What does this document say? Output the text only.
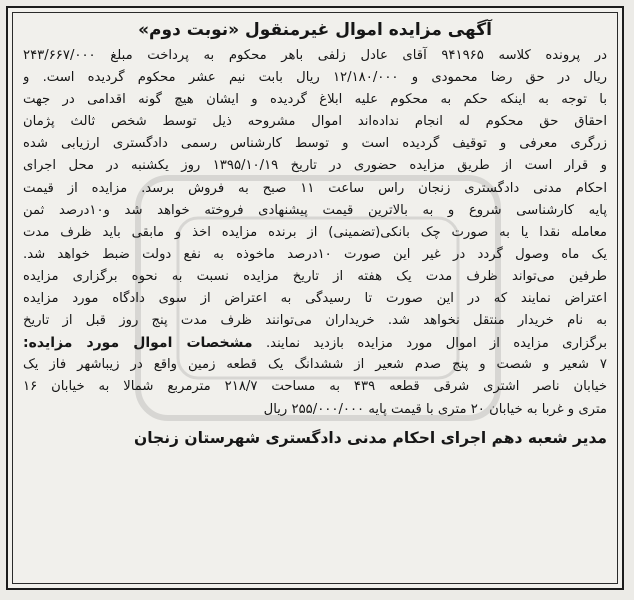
آگهی مزایده اموال غیرمنقول «نوبت دوم»
در پرونده کلاسه ۹۴۱۹۶۵ آقای عادل زلفی باهر محکوم به پرداخت مبلغ ۲۴۳/۶۶۷/۰۰۰
ریال در حق رضا محمودی و ۱۲/۱۸۰/۰۰۰ ریال بابت نیم عشر محکوم گردیده است. و
با توجه به اینکه حکم به محکوم علیه ابلاغ گردیده و ایشان هیچ گونه اقدامی در جهت
احقاق حق محکوم له انجام نداده‌اند اموال مشروحه ذیل توسط شخص ثالث پژمان
زرگری معرفی و توقیف گردیده است و توسط کارشناس رسمی دادگستری ارزیابی شده
و قرار است از طریق مزایده حضوری در تاریخ ۱۳۹۵/۱۰/۱۹ روز یکشنبه در محل اجرای
احکام مدنی دادگستری زنجان راس ساعت ۱۱ صبح به فروش برسد. مزایده از قیمت
پایه کارشناسی شروع و به بالاترین قیمت پیشنهادی فروخته خواهد شد و۱۰درصد ثمن
معامله نقدا یا به صورت چک بانکی(تضمینی) از برنده مزایده اخذ و مابقی باید ظرف مدت
یک ماه وصول گردد در غیر این صورت ۱۰درصد ماخوذه به نفع دولت ضبط خواهد شد.
طرفین می‌تواند ظرف مدت یک هفته از تاریخ مزایده نسبت به نحوه برگزاری مزایده
اعتراض نمایند که در این صورت تا رسیدگی به اعتراض از سوی دادگاه مورد مزایده
به نام خریدار منتقل نخواهد شد. خریداران می‌توانند ظرف مدت پنج روز قبل از تاریخ
برگزاری مزایده از اموال مورد مزایده بازدید نمایند. مشخصات اموال مورد مزایده:
۷ شعیر و شصت و پنج صدم شعیر از ششدانگ یک قطعه زمین واقع در زیباشهر فاز یک
خیابان ناصر اشتری شرقی قطعه ۴۳۹ به مساحت ۲۱۸/۷ مترمربع شمالا به خیابان ۱۶
متری و غربا به خیابان ۲۰ متری با قیمت پایه ۲۵۵/۰۰۰/۰۰۰ ریال
مدیر شعبه دهم اجرای احکام مدنی دادگستری شهرستان زنجان
